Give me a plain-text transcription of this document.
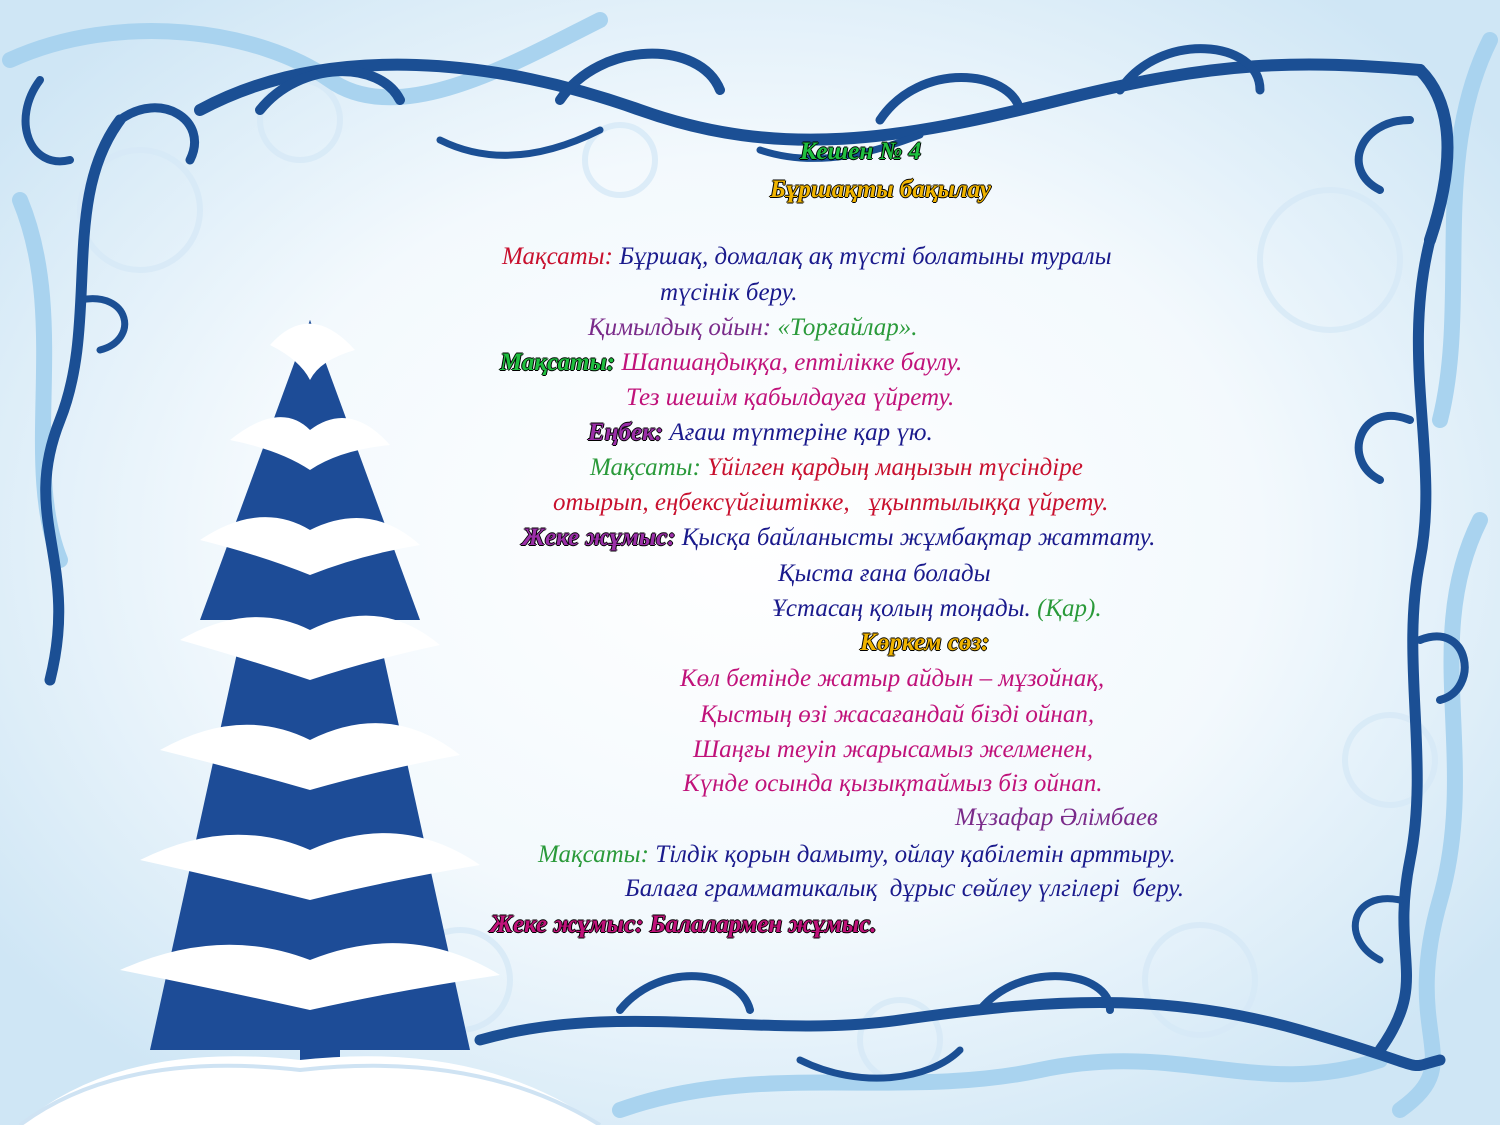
Кешен № 4
Бұршақты бақылау
Мақсаты: Бұршақ, домалақ ақ түсті болатыны туралы
түсінік беру.
Қимылдық ойын: «Торғайлар».
Мақсаты: Шапшаңдыққа, ептілікке баулу.
Тез шешім қабылдауға үйрету.
Еңбек: Ағаш түптеріне қар үю.
Мақсаты: Үйілген қардың маңызын түсіндіре
отырып, еңбексүйгіштікке,   ұқыптылыққа үйрету.
Жеке жұмыс: Қысқа байланысты жұмбақтар жаттату.
Қыста ғана болады
Ұстасаң қолың тоңады. (Қар).
Көркем сөз:
Көл бетінде жатыр айдын – мұзойнақ,
Қыстың өзі жасағандай бізді ойнап,
Шаңғы теуіп жарысамыз желменен,
Күнде осында қызықтаймыз біз ойнап.
Мұзафар Әлімбаев
Мақсаты: Тілдік қорын дамыту, ойлау қабілетін арттыру.
Балаға грамматикалық  дұрыс сөйлеу үлгілері  беру.
Жеке жұмыс: Балалармен жұмыс.
